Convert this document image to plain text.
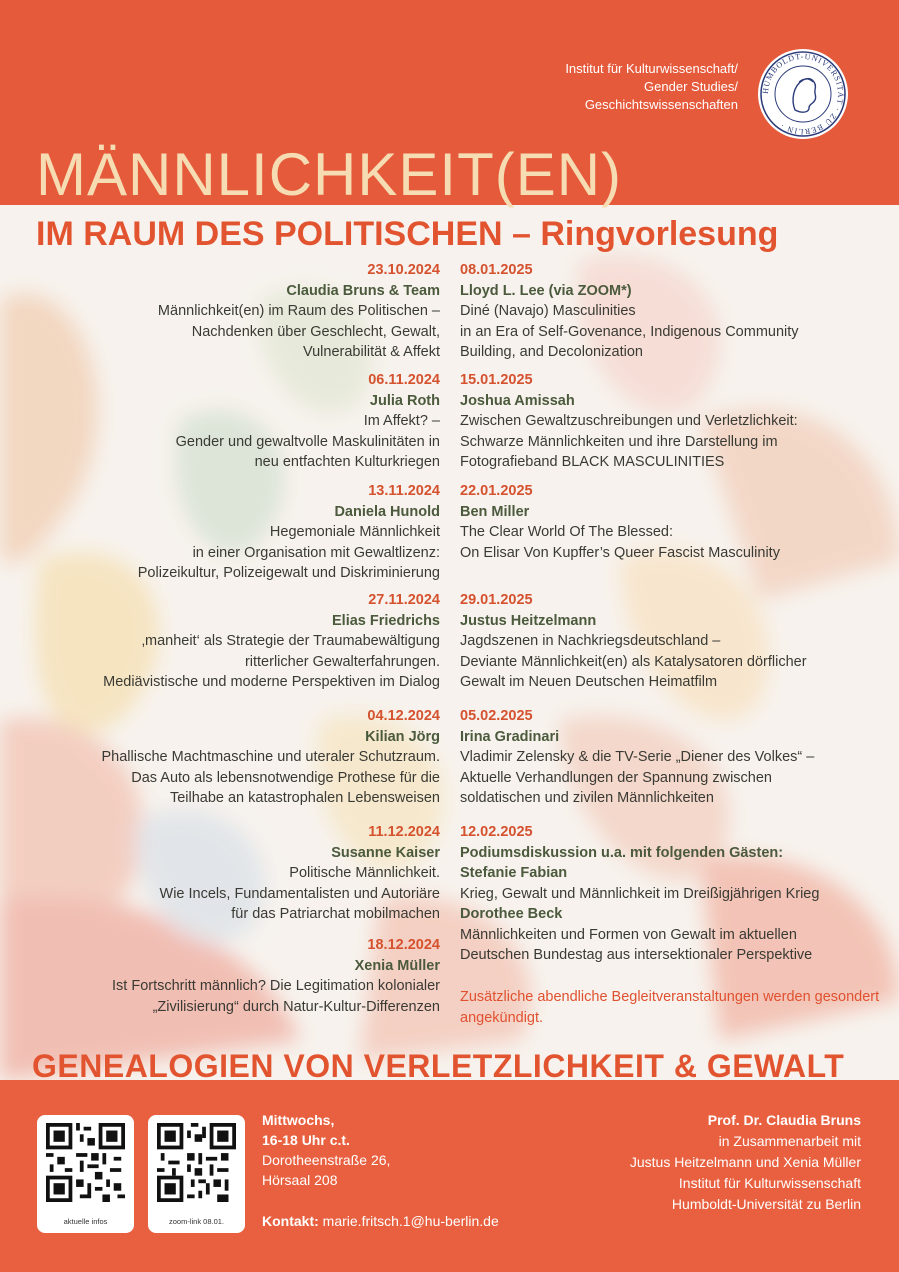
Institut für Kulturwissenschaft/
Gender Studies/
Geschichtswissenschaften
HUMBOLDT-UNIVERSITÄT · ZU BERLIN ·
MÄNNLICHKEIT(EN)
IM RAUM DES POLITISCHEN – Ringvorlesung
23.10.2024
Claudia Bruns & Team
Männlichkeit(en) im Raum des Politischen –
Nachdenken über Geschlecht, Gewalt,
Vulnerabilität & Affekt
06.11.2024
Julia Roth
Im Affekt? –
Gender und gewaltvolle Maskulinitäten in
neu entfachten Kulturkriegen
13.11.2024
Daniela Hunold
Hegemoniale Männlichkeit
in einer Organisation mit Gewaltlizenz:
Polizeikultur, Polizeigewalt und Diskriminierung
27.11.2024
Elias Friedrichs
‚manheit‘ als Strategie der Traumabewältigung
ritterlicher Gewalterfahrungen.
Mediävistische und moderne Perspektiven im Dialog
04.12.2024
Kilian Jörg
Phallische Machtmaschine und uteraler Schutzraum.
Das Auto als lebensnotwendige Prothese für die
Teilhabe an katastrophalen Lebensweisen
11.12.2024
Susanne Kaiser
Politische Männlichkeit.
Wie Incels, Fundamentalisten und Autoriäre
für das Patriarchat mobilmachen
18.12.2024
Xenia Müller
Ist Fortschritt männlich? Die Legitimation kolonialer
„Zivilisierung“ durch Natur-Kultur-Differenzen
08.01.2025
Lloyd L. Lee (via ZOOM*)
Diné (Navajo) Masculinities
in an Era of Self-Govenance, Indigenous Community
Building, and Decolonization
15.01.2025
Joshua Amissah
Zwischen Gewaltzuschreibungen und Verletzlichkeit:
Schwarze Männlichkeiten und ihre Darstellung im
Fotografieband BLACK MASCULINITIES
22.01.2025
Ben Miller
The Clear World Of The Blessed:
On Elisar Von Kupffer’s Queer Fascist Masculinity
29.01.2025
Justus Heitzelmann
Jagdszenen in Nachkriegsdeutschland –
Deviante Männlichkeit(en) als Katalysatoren dörflicher
Gewalt im Neuen Deutschen Heimatfilm
05.02.2025
Irina Gradinari
Vladimir Zelensky & die TV-Serie „Diener des Volkes“ –
Aktuelle Verhandlungen der Spannung zwischen
soldatischen und zivilen Männlichkeiten
12.02.2025
Podiumsdiskussion u.a. mit folgenden Gästen:
Stefanie Fabian
Krieg, Gewalt und Männlichkeit im Dreißigjährigen Krieg
Dorothee Beck
Männlichkeiten und Formen von Gewalt im aktuellen
Deutschen Bundestag aus intersektionaler Perspektive
Zusätzliche abendliche Begleitveranstaltungen werden gesondert angekündigt.
GENEALOGIEN VON VERLETZLICHKEIT & GEWALT
aktuelle infos	zoom-link 08.01.
Mittwochs,
16-18 Uhr c.t.
Dorotheenstraße 26,
Hörsaal 208
Kontakt: marie.fritsch.1@hu-berlin.de
Prof. Dr. Claudia Bruns
in Zusammenarbeit mit
Justus Heitzelmann und Xenia Müller
Institut für Kulturwissenschaft
Humboldt-Universität zu Berlin
